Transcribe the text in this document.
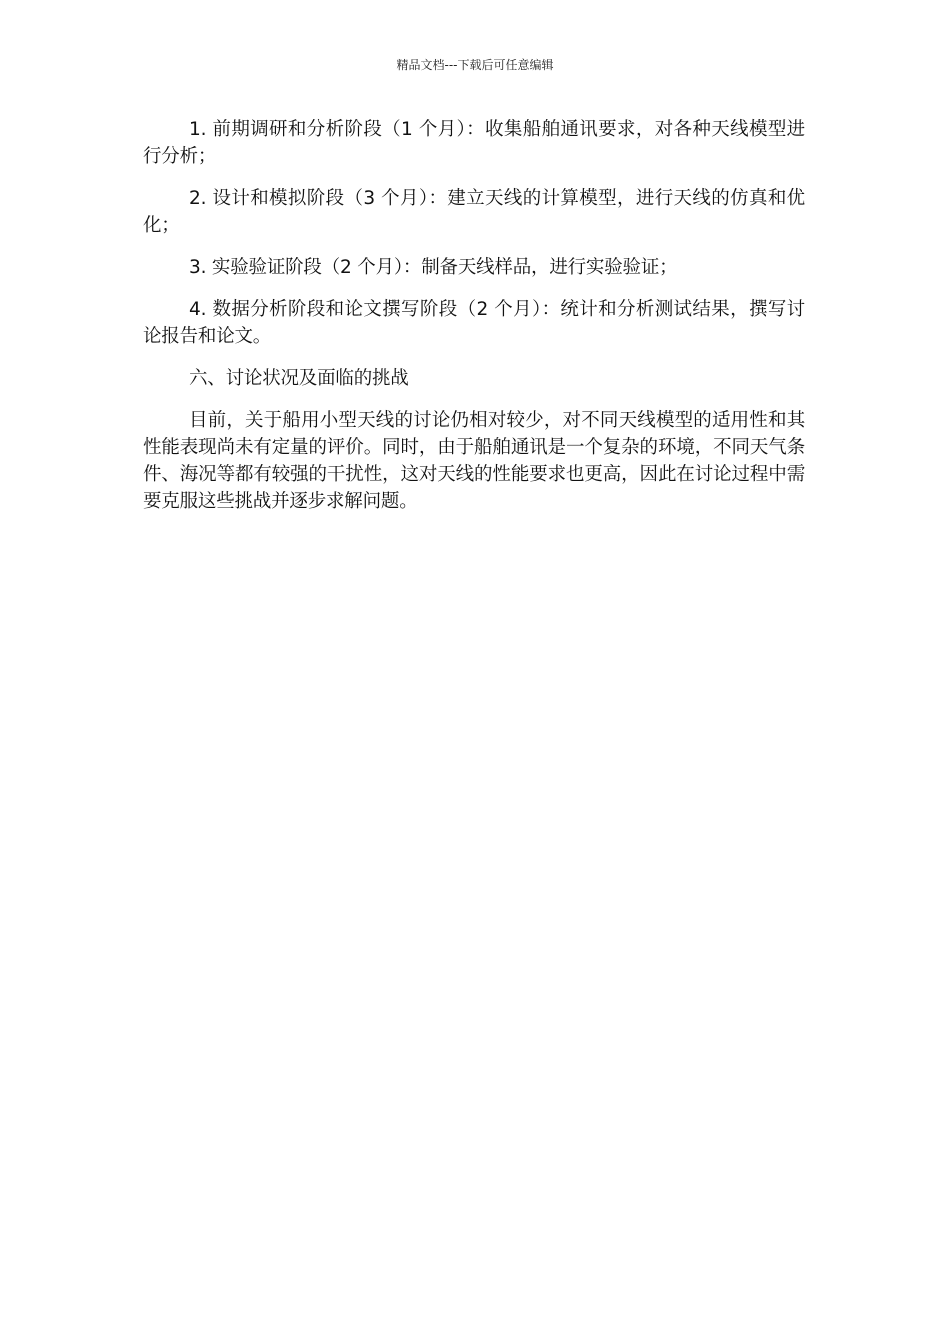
精品文档---下载后可任意编辑

1. 前期调研和分析阶段（1 个月）：收集船舶通讯要求，对各种天线模型进行分析；

2. 设计和模拟阶段（3 个月）：建立天线的计算模型，进行天线的仿真和优化；

3. 实验验证阶段（2 个月）：制备天线样品，进行实验验证；

4. 数据分析阶段和论文撰写阶段（2 个月）：统计和分析测试结果，撰写讨论报告和论文。

六、讨论状况及面临的挑战

目前，关于船用小型天线的讨论仍相对较少，对不同天线模型的适用性和其性能表现尚未有定量的评价。同时，由于船舶通讯是一个复杂的环境，不同天气条件、海况等都有较强的干扰性，这对天线的性能要求也更高，因此在讨论过程中需要克服这些挑战并逐步求解问题。
